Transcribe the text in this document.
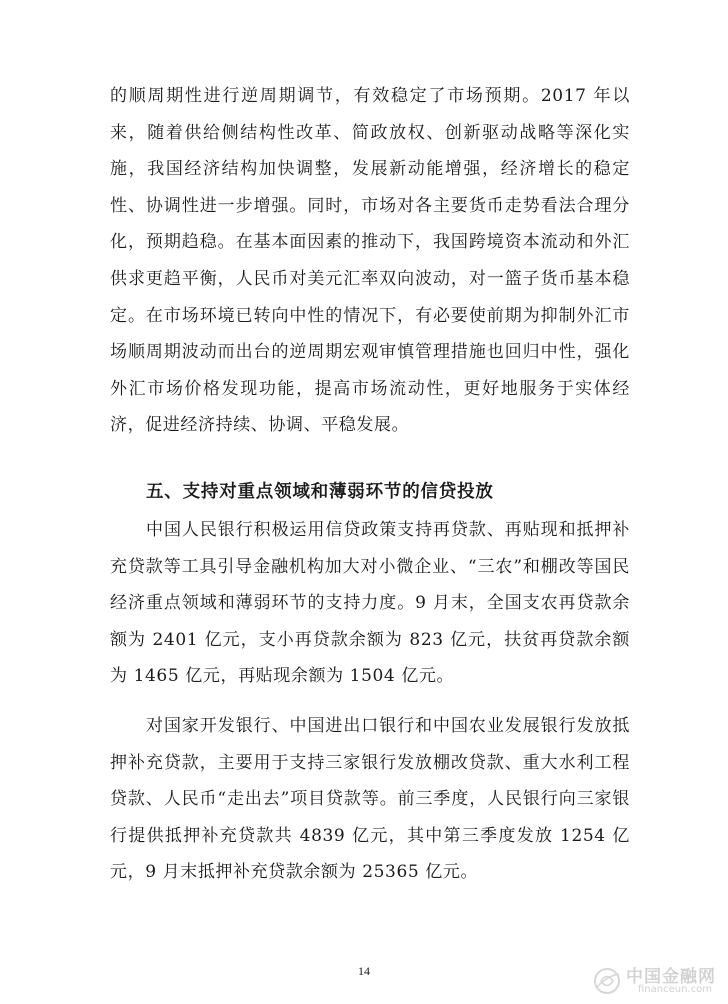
的顺周期性进行逆周期调节，有效稳定了市场预期。2017 年以来，随着供给侧结构性改革、简政放权、创新驱动战略等深化实施，我国经济结构加快调整，发展新动能增强，经济增长的稳定性、协调性进一步增强。同时，市场对各主要货币走势看法合理分化，预期趋稳。在基本面因素的推动下，我国跨境资本流动和外汇供求更趋平衡，人民币对美元汇率双向波动，对一篮子货币基本稳定。在市场环境已转向中性的情况下，有必要使前期为抑制外汇市场顺周期波动而出台的逆周期宏观审慎管理措施也回归中性，强化外汇市场价格发现功能，提高市场流动性，更好地服务于实体经济，促进经济持续、协调、平稳发展。

五、支持对重点领域和薄弱环节的信贷投放

中国人民银行积极运用信贷政策支持再贷款、再贴现和抵押补充贷款等工具引导金融机构加大对小微企业、“三农”和棚改等国民经济重点领域和薄弱环节的支持力度。9 月末，全国支农再贷款余额为 2401 亿元，支小再贷款余额为 823 亿元，扶贫再贷款余额为 1465 亿元，再贴现余额为 1504 亿元。

对国家开发银行、中国进出口银行和中国农业发展银行发放抵押补充贷款，主要用于支持三家银行发放棚改贷款、重大水利工程贷款、人民币“走出去”项目贷款等。前三季度，人民银行向三家银行提供抵押补充贷款共 4839 亿元，其中第三季度发放 1254 亿元，9 月末抵押补充贷款余额为 25365 亿元。

14	中国金融网
financeun.com
